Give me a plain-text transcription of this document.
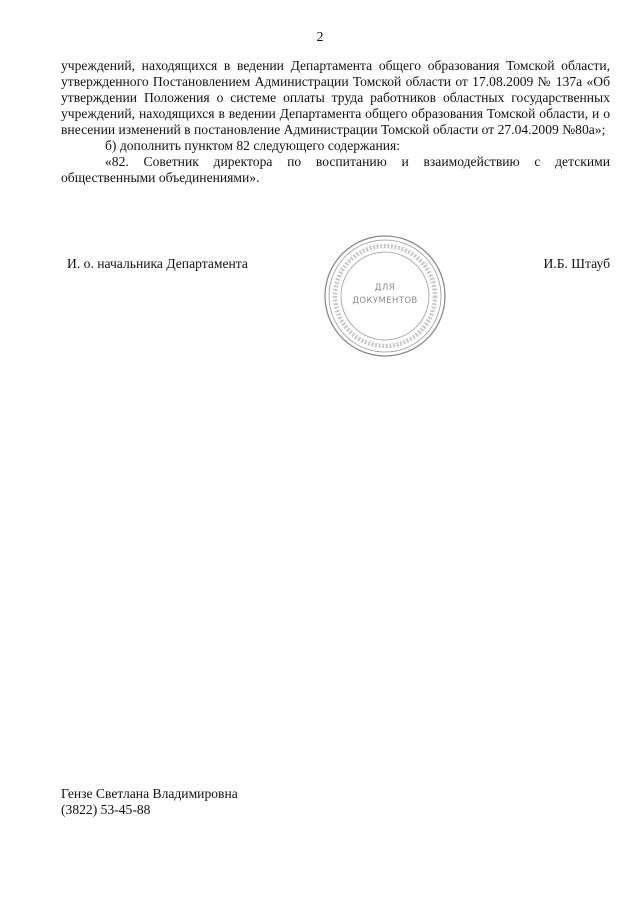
2

учреждений, находящихся в ведении Департамента общего образования Томской области, утвержденного Постановлением Администрации Томской области от 17.08.2009 № 137а «Об утверждении Положения о системе оплаты труда работников областных государственных учреждений, находящихся в ведении Департамента общего образования Томской области, и о внесении изменений в постановление Администрации Томской области от 27.04.2009 №80а»;

б) дополнить пунктом 82 следующего содержания:

«82. Советник директора по воспитанию и взаимодействию с детскими общественными объединениями».

И. о. начальника Департамента	И.Б. Штауб
ДЛЯ
ДОКУМЕНТОВ
Гензе Светлана Владимировна
(3822) 53-45-88
